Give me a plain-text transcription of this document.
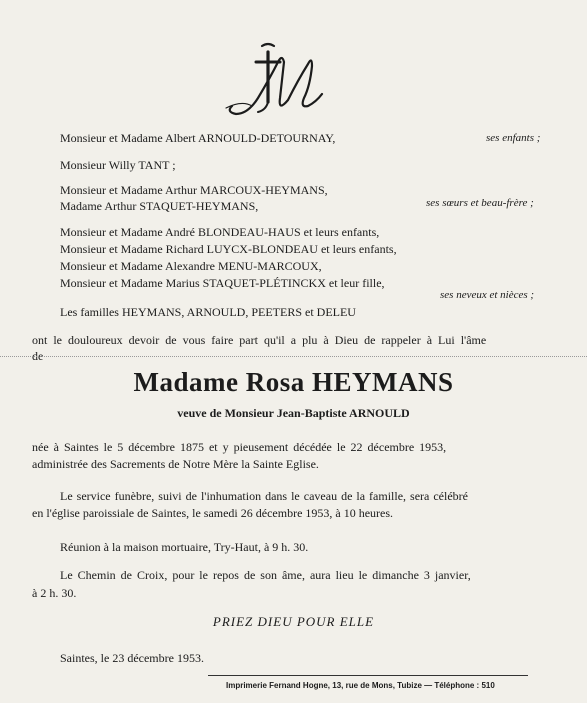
Monsieur et Madame Albert ARNOULD-DETOURNAY,	ses enfants ;
Monsieur Willy TANT ;
Monsieur et Madame Arthur MARCOUX-HEYMANS,
Madame Arthur STAQUET-HEYMANS,	ses sœurs et beau-frère ;
Monsieur et Madame André BLONDEAU-HAUS et leurs enfants,
Monsieur et Madame Richard LUYCX-BLONDEAU et leurs enfants,
Monsieur et Madame Alexandre MENU-MARCOUX,
Monsieur et Madame Marius STAQUET-PLÉTINCKX et leur fille,
ses neveux et nièces ;
Les familles HEYMANS, ARNOULD, PEETERS et DELEU
ont le douloureux devoir de vous faire part qu'il a plu à Dieu de rappeler à Lui l'âme
de
Madame Rosa HEYMANS
veuve de Monsieur Jean-Baptiste ARNOULD
née à Saintes le 5 décembre 1875 et y pieusement décédée le 22 décembre 1953,
administrée des Sacrements de Notre Mère la Sainte Eglise.
Le service funèbre, suivi de l'inhumation dans le caveau de la famille, sera célébré
en l'église paroissiale de Saintes, le samedi 26 décembre 1953, à 10 heures.
Réunion à la maison mortuaire, Try-Haut, à 9 h. 30.
Le Chemin de Croix, pour le repos de son âme, aura lieu le dimanche 3 janvier,
à 2 h. 30.
PRIEZ DIEU POUR ELLE
Saintes, le 23 décembre 1953.
Imprimerie Fernand Hogne, 13, rue de Mons, Tubize — Téléphone : 510
